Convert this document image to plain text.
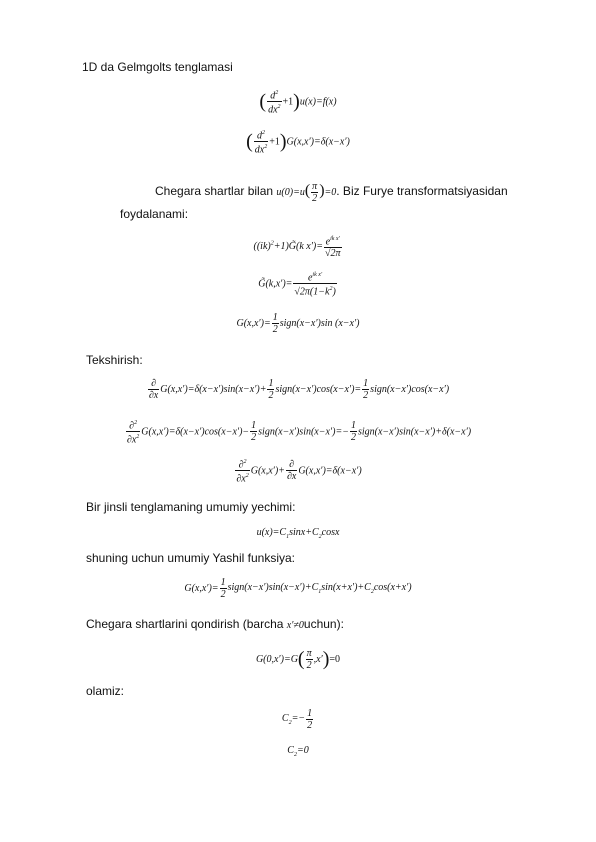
1D da Gelmgolts tenglamasi
( $\frac{d^2}{dx^2} +1)u(x)=f(x)$
( $\frac{d^2}{dx^2} +1)G(x,x')=\delta(x-x')$
Chegara shartlar bilan $u(0)=u( \frac{\pi}{2} )=0$. Biz Furye transformatsiyasidan
foydalanami:
((ik)$^2$+1)G̃(k $x')= \frac{e^{ik x'}}{√2\pi}$
G̃(k,x′)= $\frac{e^{ik x'}}{√2\pi(1-k^2)}$
$G(x,x')= \frac{1}{2}$ sign(x−x′)sin (x−x′)
Tekshirish:
$\frac{\partial}{\partial x} G(x,x')=\delta(x-x')\sin(x-x')+ \frac{1}{2}$ sign(x−x′)cos(x−x′)= $\frac{1}{2}$ sign(x−x′)cos(x−x′)
$\frac{\partial^2}{\partial x^2} G(x,x')=\delta(x-x')\cos(x-x')- \frac{1}{2}$ sign(x−x′)sin(x−x′)=− $\frac{1}{2}$ sign(x−x′)sin(x−x′)+δ(x−x′)
$\frac{\partial^2}{\partial x^2} G(x,x')+ \frac{\partial}{\partial x} G(x,x')=\delta(x-x')$
Bir jinsli tenglamaning umumiy yechimi:
$u(x)=C_1\sin x+C_2\cos x$
shuning uchun umumiy Yashil funksiya:
$G(x,x')= \frac{1}{2}$ $sign(x-x')\sin(x-x')+C_1\sin(x+x')+C_2\cos(x+x')$
Chegara shartlarini qondirish (barcha x′≠0uchun):
$G(0,x')=G( \frac{\pi}{2} ,x')=0$
olamiz:
$C_2=- \frac{1}{2}$
$C_2=0$
